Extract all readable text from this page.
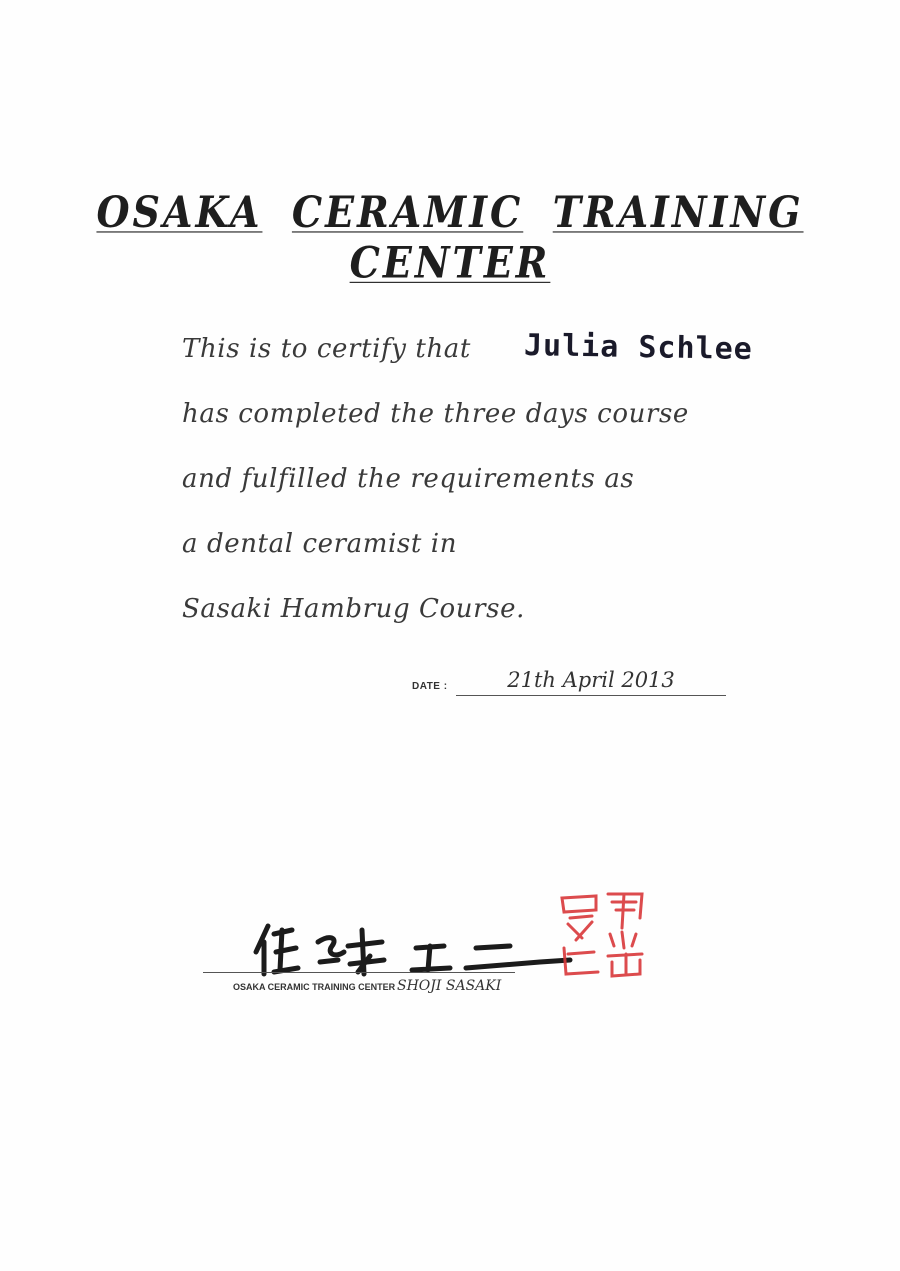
OSAKA CERAMIC TRAINING CENTER
This is to certify that Julia Schlee
has completed the three days course
and fulfilled the requirements as
a dental ceramist in
Sasaki Hambrug Course.
DATE :	21th April 2013
OSAKA CERAMIC TRAINING CENTER SHOJI SASAKI
